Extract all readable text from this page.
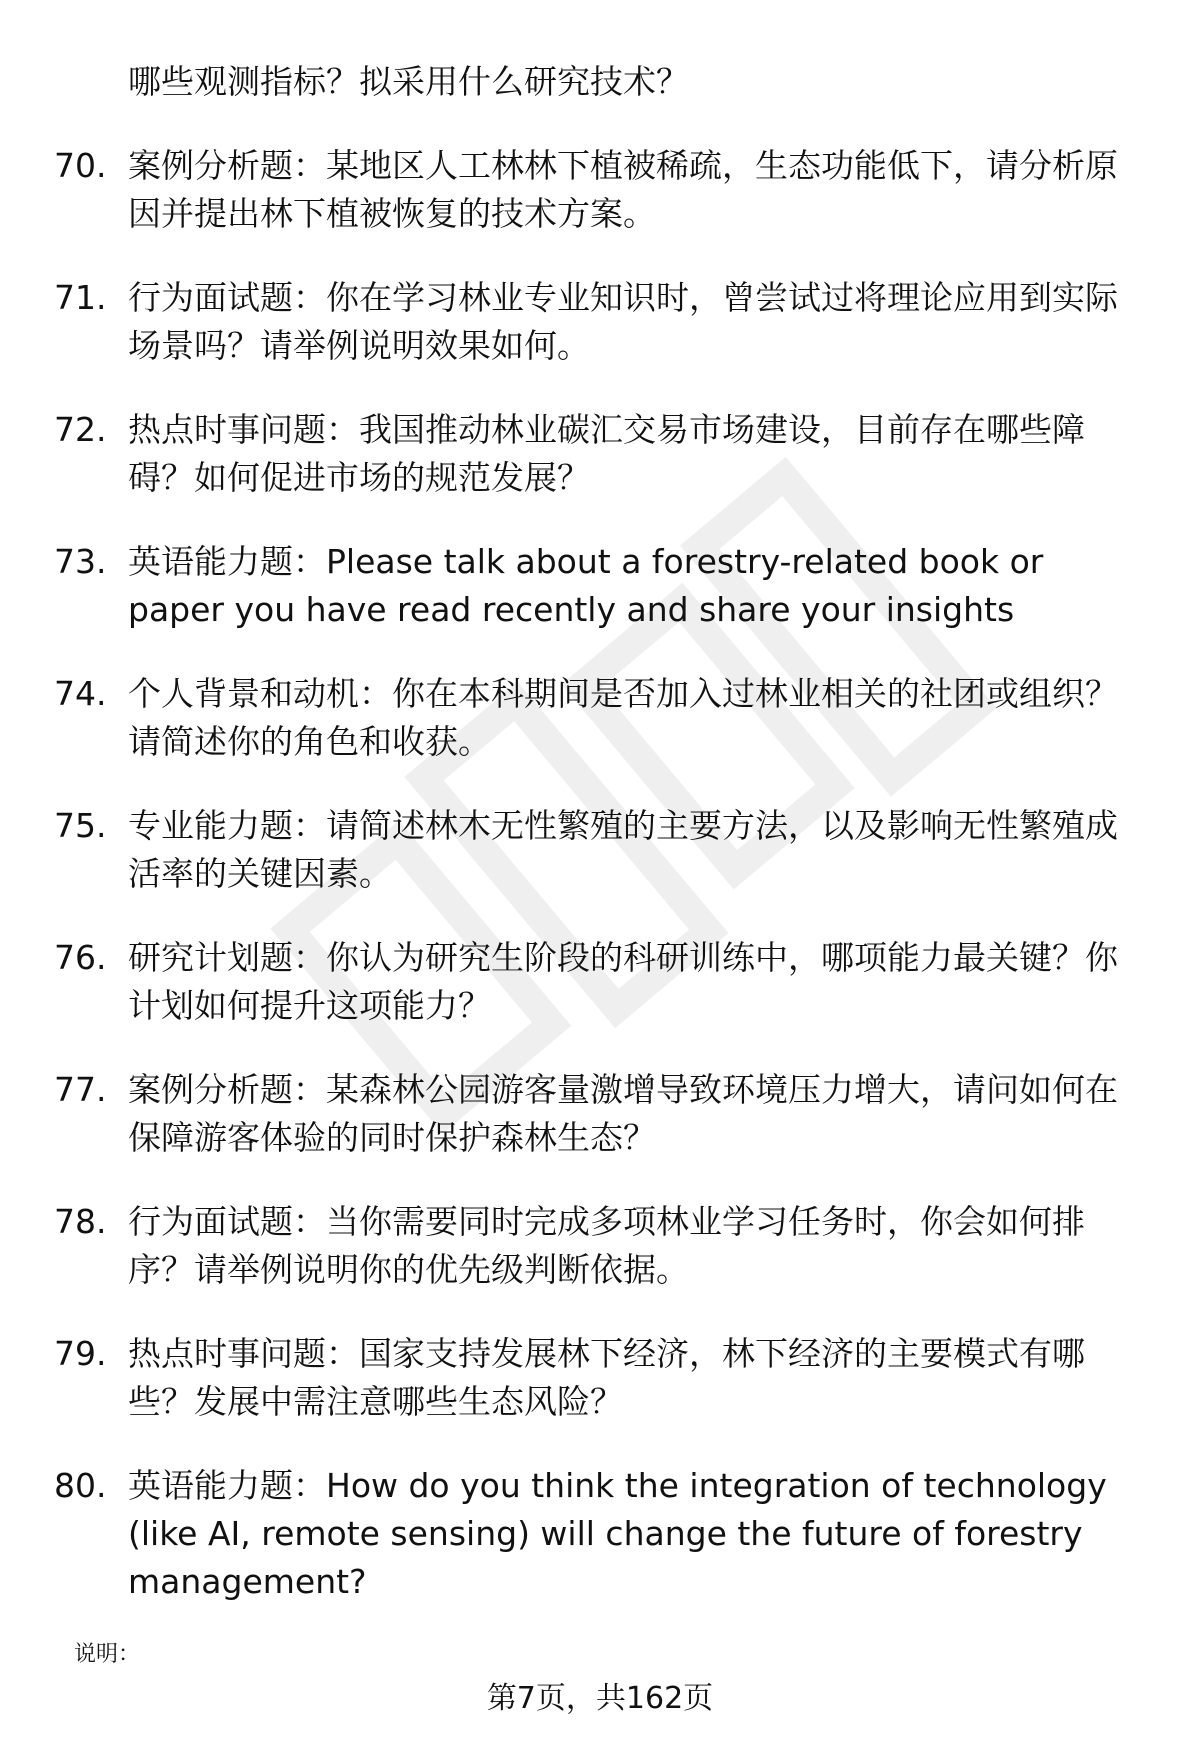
哪些观测指标？拟采用什么研究技术？
70. 案例分析题：某地区人工林林下植被稀疏，生态功能低下，请分析原因并提出林下植被恢复的技术方案。
71. 行为面试题：你在学习林业专业知识时，曾尝试过将理论应用到实际场景吗？请举例说明效果如何。
72. 热点时事问题：我国推动林业碳汇交易市场建设，目前存在哪些障碍？如何促进市场的规范发展？
73. 英语能力题：Please talk about a forestry-related book or paper you have read recently and share your insights
74. 个人背景和动机：你在本科期间是否加入过林业相关的社团或组织？请简述你的角色和收获。
75. 专业能力题：请简述林木无性繁殖的主要方法，以及影响无性繁殖成活率的关键因素。
76. 研究计划题：你认为研究生阶段的科研训练中，哪项能力最关键？你计划如何提升这项能力？
77. 案例分析题：某森林公园游客量激增导致环境压力增大，请问如何在保障游客体验的同时保护森林生态？
78. 行为面试题：当你需要同时完成多项林业学习任务时，你会如何排序？请举例说明你的优先级判断依据。
79. 热点时事问题：国家支持发展林下经济，林下经济的主要模式有哪些？发展中需注意哪些生态风险？
80. 英语能力题：How do you think the integration of technology (like AI, remote sensing) will change the future of forestry management?
说明：
第7页，共162页
